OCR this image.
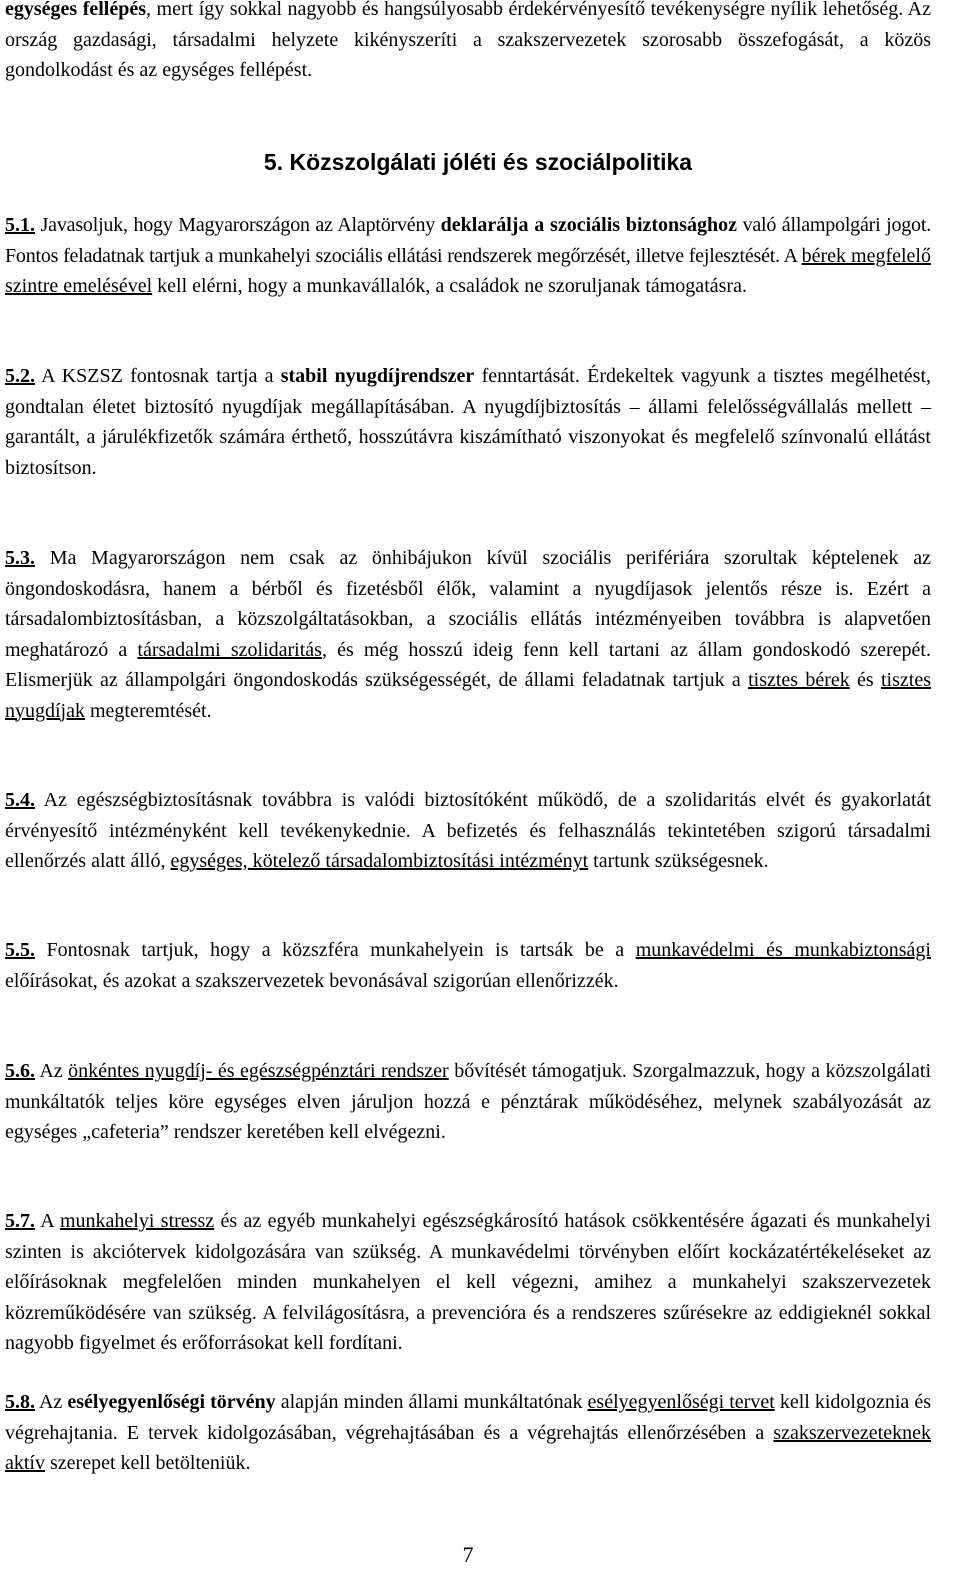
egységes fellépés, mert így sokkal nagyobb és hangsúlyosabb érdekérvényesítő tevékenységre nyílik lehetőség. Az ország gazdasági, társadalmi helyzete kikényszeríti a szakszervezetek szorosabb összefogását, a közös gondolkodást és az egységes fellépést.

5. Közszolgálati jóléti és szociálpolitika

5.1. Javasoljuk, hogy Magyarországon az Alaptörvény deklarálja a szociális biztonsághoz való állampolgári jogot. Fontos feladatnak tartjuk a munkahelyi szociális ellátási rendszerek megőrzését, illetve fejlesztését. A bérek megfelelő szintre emelésével kell elérni, hogy a munkavállalók, a családok ne szoruljanak támogatásra.

5.2. A KSZSZ fontosnak tartja a stabil nyugdíjrendszer fenntartását. Érdekeltek vagyunk a tisztes megélhetést, gondtalan életet biztosító nyugdíjak megállapításában. A nyugdíjbiztosítás – állami felelősségvállalás mellett – garantált, a járulékfizetők számára érthető, hosszútávra kiszámítható viszonyokat és megfelelő színvonalú ellátást biztosítson.

5.3. Ma Magyarországon nem csak az önhibájukon kívül szociális perifériára szorultak képtelenek az öngondoskodásra, hanem a bérből és fizetésből élők, valamint a nyugdíjasok jelentős része is. Ezért a társadalombiztosításban, a közszolgáltatásokban, a szociális ellátás intézményeiben továbbra is alapvetően meghatározó a társadalmi szolidaritás, és még hosszú ideig fenn kell tartani az állam gondoskodó szerepét. Elismerjük az állampolgári öngondoskodás szükségességét, de állami feladatnak tartjuk a tisztes bérek és tisztes nyugdíjak megteremtését.

5.4. Az egészségbiztosításnak továbbra is valódi biztosítóként működő, de a szolidaritás elvét és gyakorlatát érvényesítő intézményként kell tevékenykednie. A befizetés és felhasználás tekintetében szigorú társadalmi ellenőrzés alatt álló, egységes, kötelező társadalombiztosítási intézményt tartunk szükségesnek.

5.5. Fontosnak tartjuk, hogy a közszféra munkahelyein is tartsák be a munkavédelmi és munkabiztonsági előírásokat, és azokat a szakszervezetek bevonásával szigorúan ellenőrizzék.

5.6. Az önkéntes nyugdíj- és egészségpénztári rendszer bővítését támogatjuk. Szorgalmazzuk, hogy a közszolgálati munkáltatók teljes köre egységes elven járuljon hozzá e pénztárak működéséhez, melynek szabályozását az egységes „cafeteria” rendszer keretében kell elvégezni.

5.7. A munkahelyi stressz és az egyéb munkahelyi egészségkárosító hatások csökkentésére ágazati és munkahelyi szinten is akciótervek kidolgozására van szükség. A munkavédelmi törvényben előírt kockázatértékeléseket az előírásoknak megfelelően minden munkahelyen el kell végezni, amihez a munkahelyi szakszervezetek közreműködésére van szükség. A felvilágosításra, a prevencióra és a rendszeres szűrésekre az eddigieknél sokkal nagyobb figyelmet és erőforrásokat kell fordítani.

5.8. Az esélyegyenlőségi törvény alapján minden állami munkáltatónak esélyegyenlőségi tervet kell kidolgoznia és végrehajtania. E tervek kidolgozásában, végrehajtásában és a végrehajtás ellenőrzésében a szakszervezeteknek aktív szerepet kell betölteniük.

7
